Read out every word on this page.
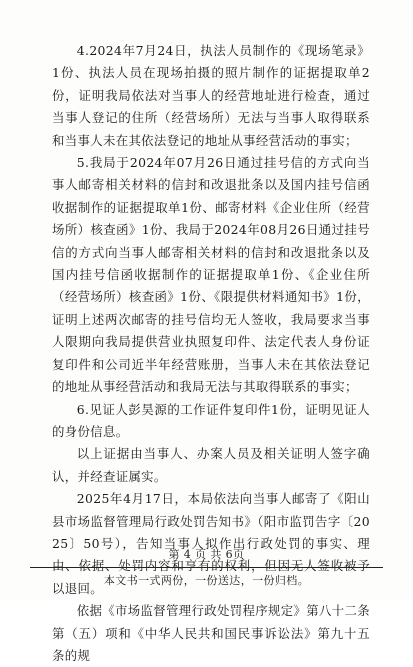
4.2024年7月24日，执法人员制作的《现场笔录》1份、执法人员在现场拍摄的照片制作的证据提取单2份，证明我局依法对当事人的经营地址进行检查，通过当事人登记的住所（经营场所）无法与当事人取得联系和当事人未在其依法登记的地址从事经营活动的事实；

5.我局于2024年07月26日通过挂号信的方式向当事人邮寄相关材料的信封和改退批条以及国内挂号信函收据制作的证据提取单1份、邮寄材料《企业住所（经营场所）核查函》1份、我局于2024年08月26日通过挂号信的方式向当事人邮寄相关材料的信封和改退批条以及国内挂号信函收据制作的证据提取单1份、《企业住所（经营场所）核查函》1份、《限提供材料通知书》1份，证明上述两次邮寄的挂号信均无人签收，我局要求当事人限期向我局提供营业执照复印件、法定代表人身份证复印件和公司近半年经营账册，当事人未在其依法登记的地址从事经营活动和我局无法与其取得联系的事实；

6.见证人彭昊源的工作证件复印件1份，证明见证人的身份信息。

以上证据由当事人、办案人员及相关证明人签字确认，并经查证属实。

2025年4月17日，本局依法向当事人邮寄了《阳山县市场监督管理局行政处罚告知书》（阳市监罚告字〔2025〕50号），告知当事人拟作出行政处罚的事实、理由、依据、处罚内容和享有的权利，但因无人签收被予以退回。

依据《市场监督管理行政处罚程序规定》第八十二条第（五）项和《中华人民共和国民事诉讼法》第九十五条的规

第 4 页 共 6页
本文书一式两份，一份送达，一份归档。
